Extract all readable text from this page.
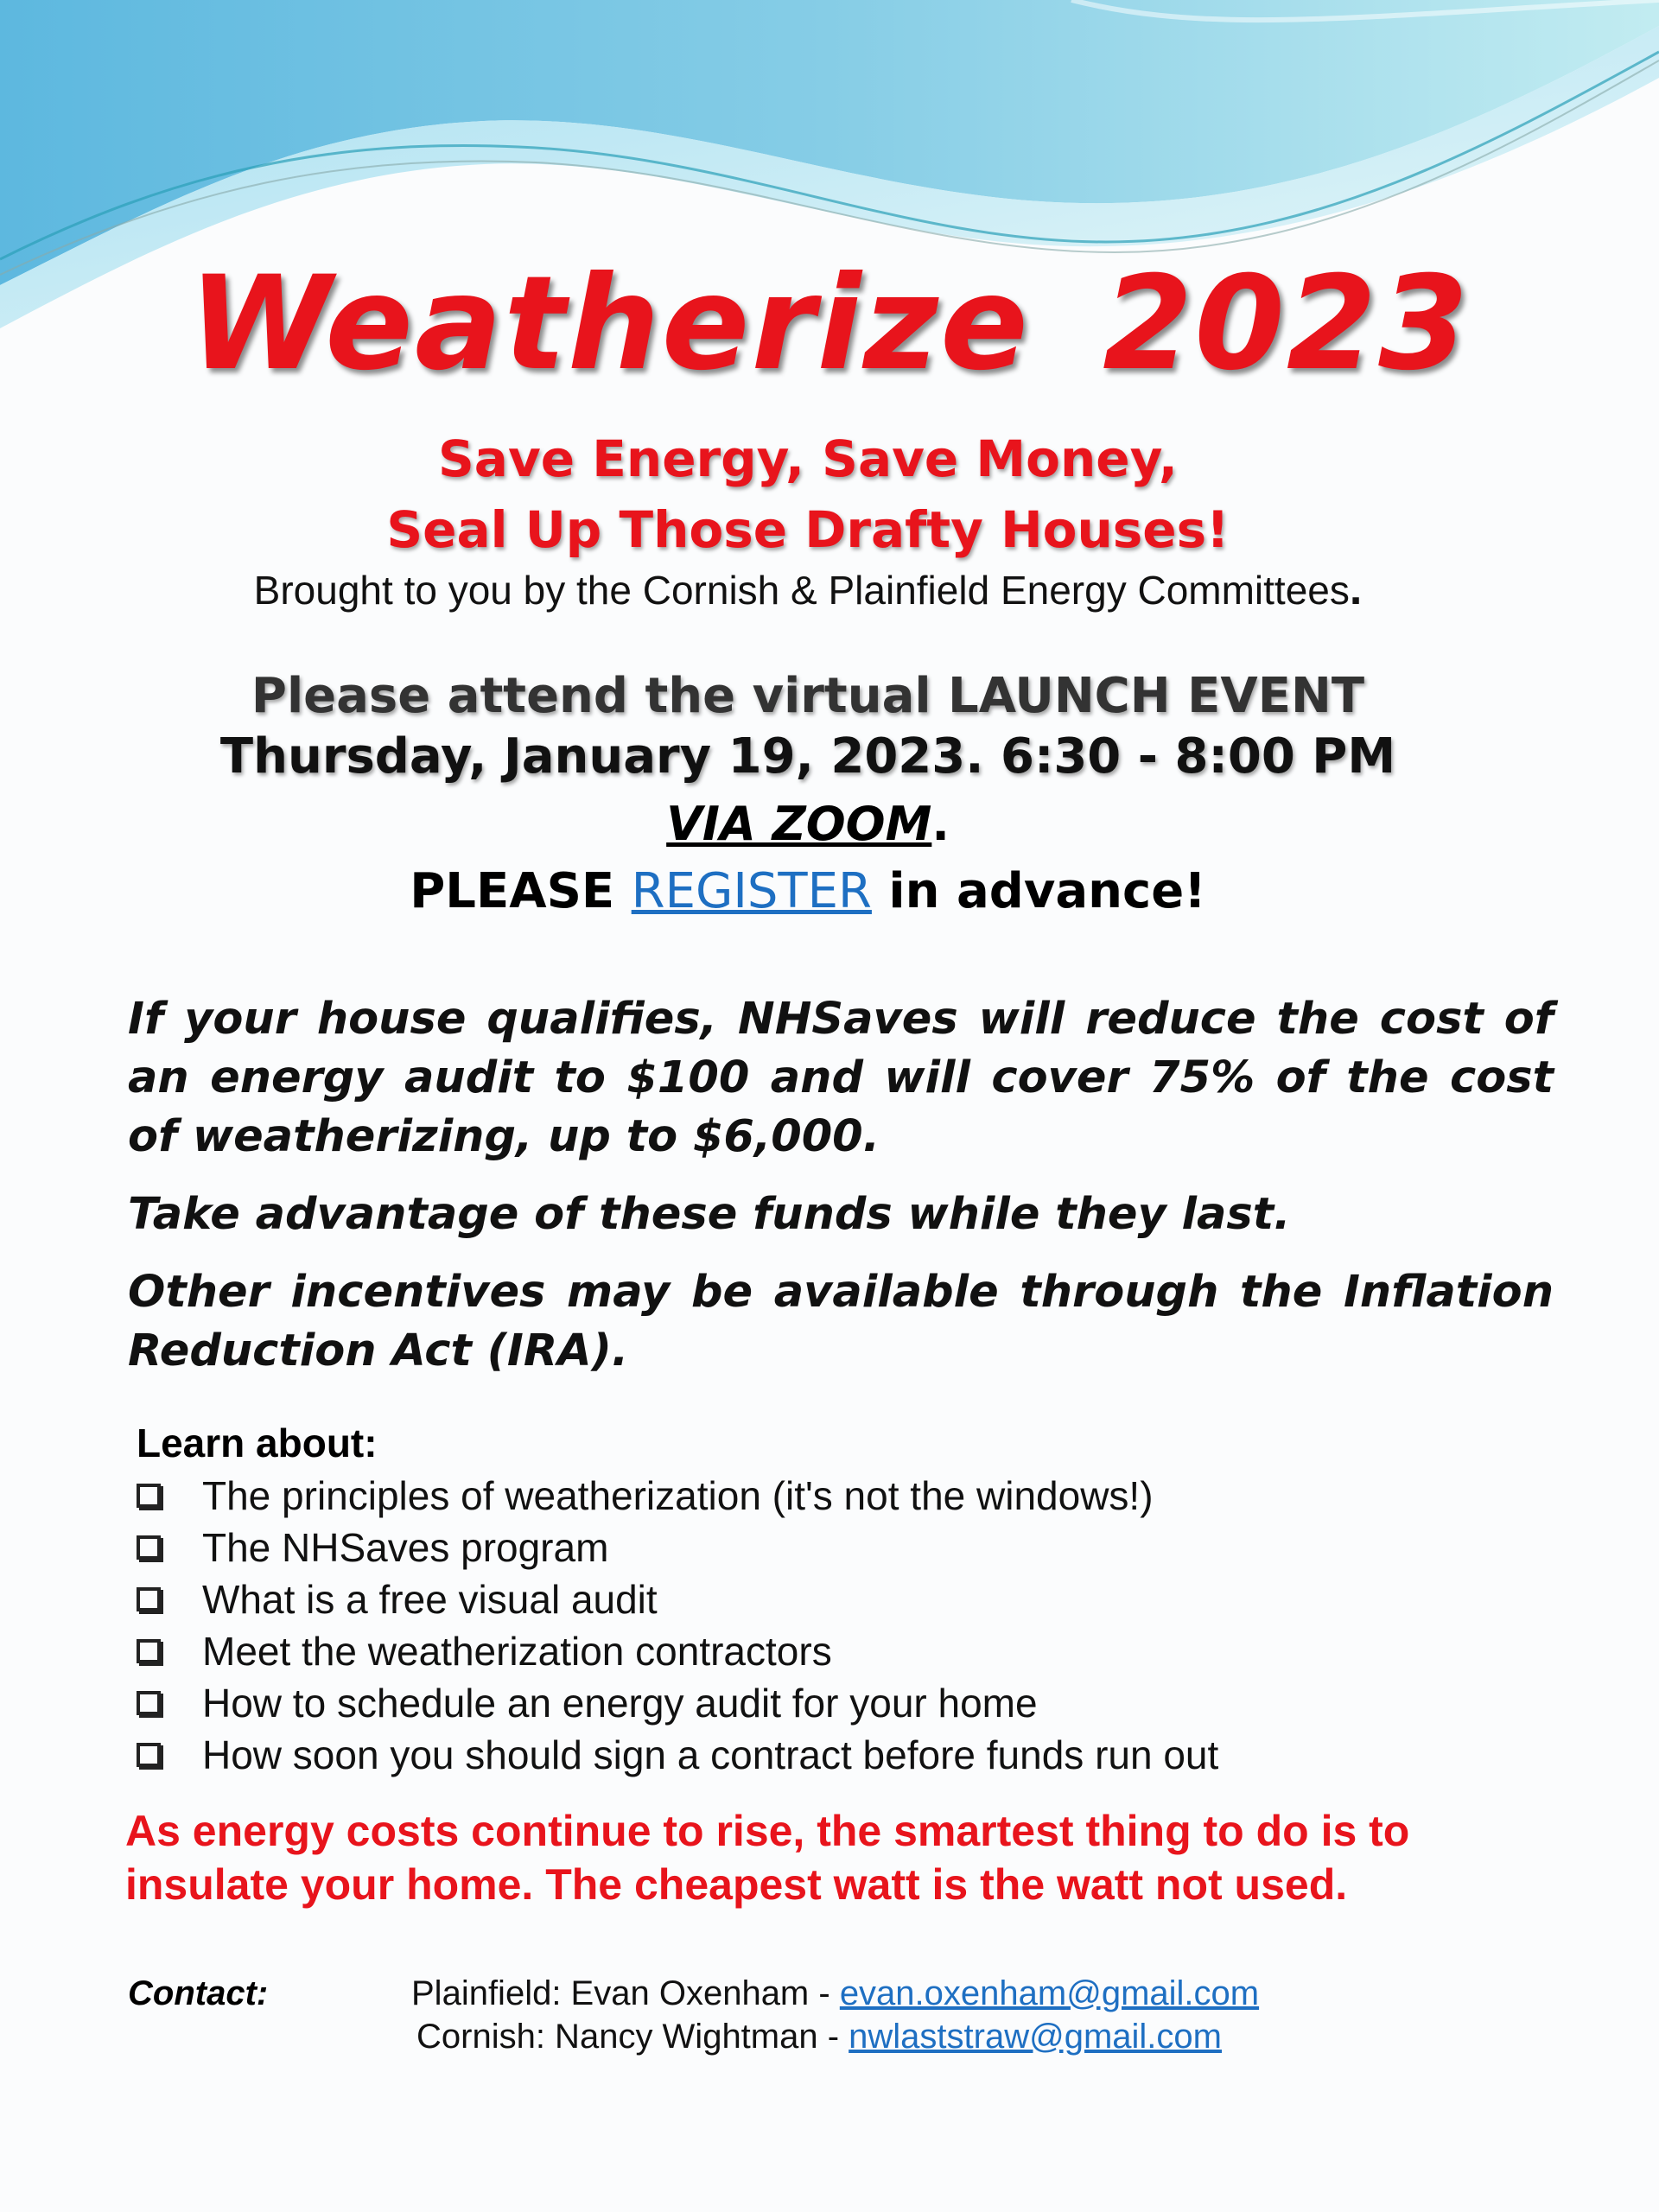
Weatherize 2023
Save Energy, Save Money,
Seal Up Those Drafty Houses!
Brought to you by the Cornish & Plainfield Energy Committees.
Please attend the virtual LAUNCH EVENT
Thursday, January 19, 2023. 6:30 - 8:00 PM
VIA ZOOM.
PLEASE REGISTER in advance!
If your house qualifies, NHSaves will reduce the cost of an energy audit to $100 and will cover 75% of the cost of weatherizing, up to $6,000.
Take advantage of these funds while they last.
Other incentives may be available through the Inflation Reduction Act (IRA).
Learn about:
The principles of weatherization (it's not the windows!)
The NHSaves program
What is a free visual audit
Meet the weatherization contractors
How to schedule an energy audit for your home
How soon you should sign a contract before funds run out
As energy costs continue to rise, the smartest thing to do is to insulate your home. The cheapest watt is the watt not used.
Contact:	Plainfield: Evan Oxenham - evan.oxenham@gmail.com
Cornish: Nancy Wightman - nwlaststraw@gmail.com
